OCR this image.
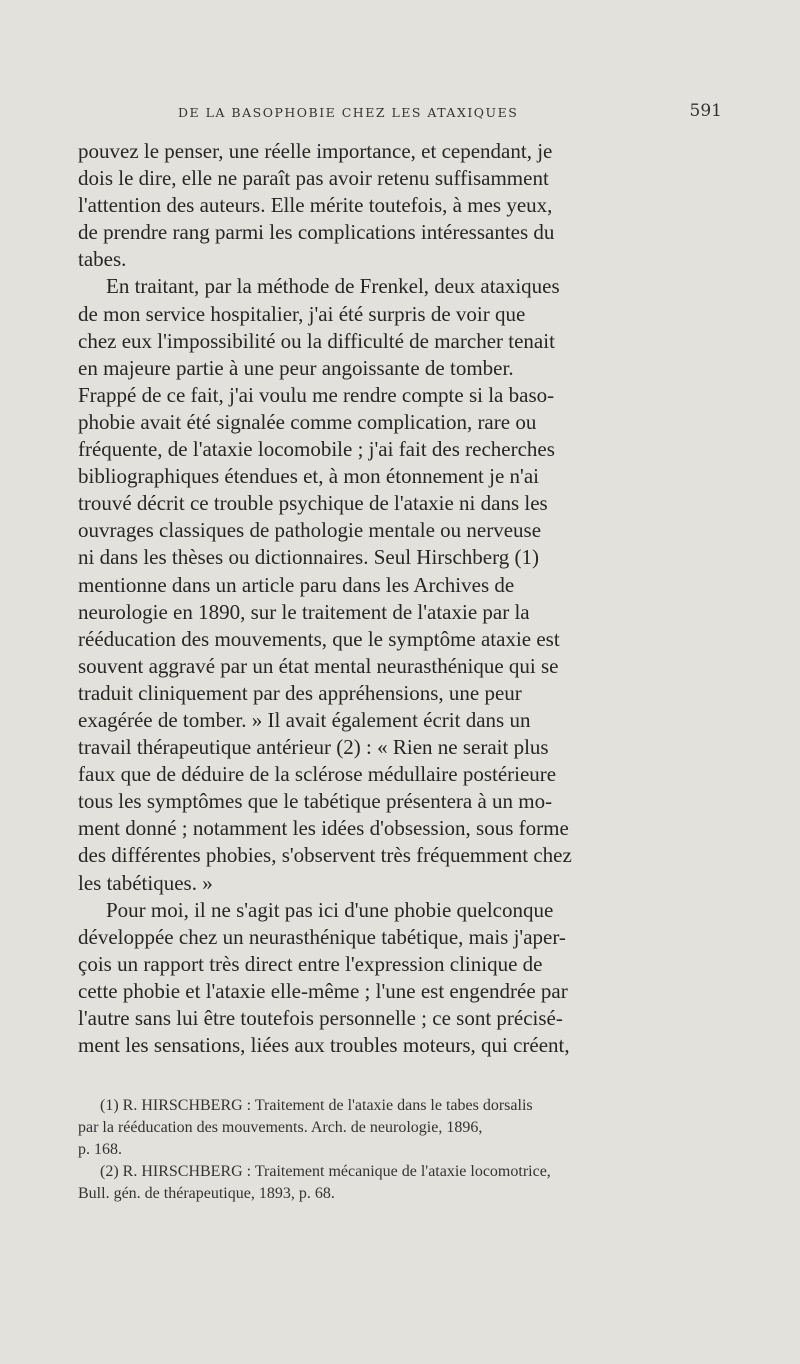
DE LA BASOPHOBIE CHEZ LES ATAXIQUES	591

pouvez le penser, une réelle importance, et cependant, je
dois le dire, elle ne paraît pas avoir retenu suffisamment
l'attention des auteurs. Elle mérite toutefois, à mes yeux,
de prendre rang parmi les complications intéressantes du
tabes.

En traitant, par la méthode de Frenkel, deux ataxiques
de mon service hospitalier, j'ai été surpris de voir que
chez eux l'impossibilité ou la difficulté de marcher tenait
en majeure partie à une peur angoissante de tomber.
Frappé de ce fait, j'ai voulu me rendre compte si la baso-
phobie avait été signalée comme complication, rare ou
fréquente, de l'ataxie locomobile ; j'ai fait des recherches
bibliographiques étendues et, à mon étonnement je n'ai
trouvé décrit ce trouble psychique de l'ataxie ni dans les
ouvrages classiques de pathologie mentale ou nerveuse
ni dans les thèses ou dictionnaires. Seul Hirschberg (1)
mentionne dans un article paru dans les Archives de
neurologie en 1890, sur le traitement de l'ataxie par la
rééducation des mouvements, que le symptôme ataxie est
souvent aggravé par un état mental neurasthénique qui se
traduit cliniquement par des appréhensions, une peur
exagérée de tomber. » Il avait également écrit dans un
travail thérapeutique antérieur (2) : « Rien ne serait plus
faux que de déduire de la sclérose médullaire postérieure
tous les symptômes que le tabétique présentera à un mo-
ment donné ; notamment les idées d'obsession, sous forme
des différentes phobies, s'observent très fréquemment chez
les tabétiques. »

Pour moi, il ne s'agit pas ici d'une phobie quelconque
développée chez un neurasthénique tabétique, mais j'aper-
çois un rapport très direct entre l'expression clinique de
cette phobie et l'ataxie elle-même ; l'une est engendrée par
l'autre sans lui être toutefois personnelle ; ce sont précisé-
ment les sensations, liées aux troubles moteurs, qui créent,

(1) R. HIRSCHBERG : Traitement de l'ataxie dans le tabes dorsalis
par la rééducation des mouvements. Arch. de neurologie, 1896,
p. 168.

(2) R. HIRSCHBERG : Traitement mécanique de l'ataxie locomotrice,
Bull. gén. de thérapeutique, 1893, p. 68.
